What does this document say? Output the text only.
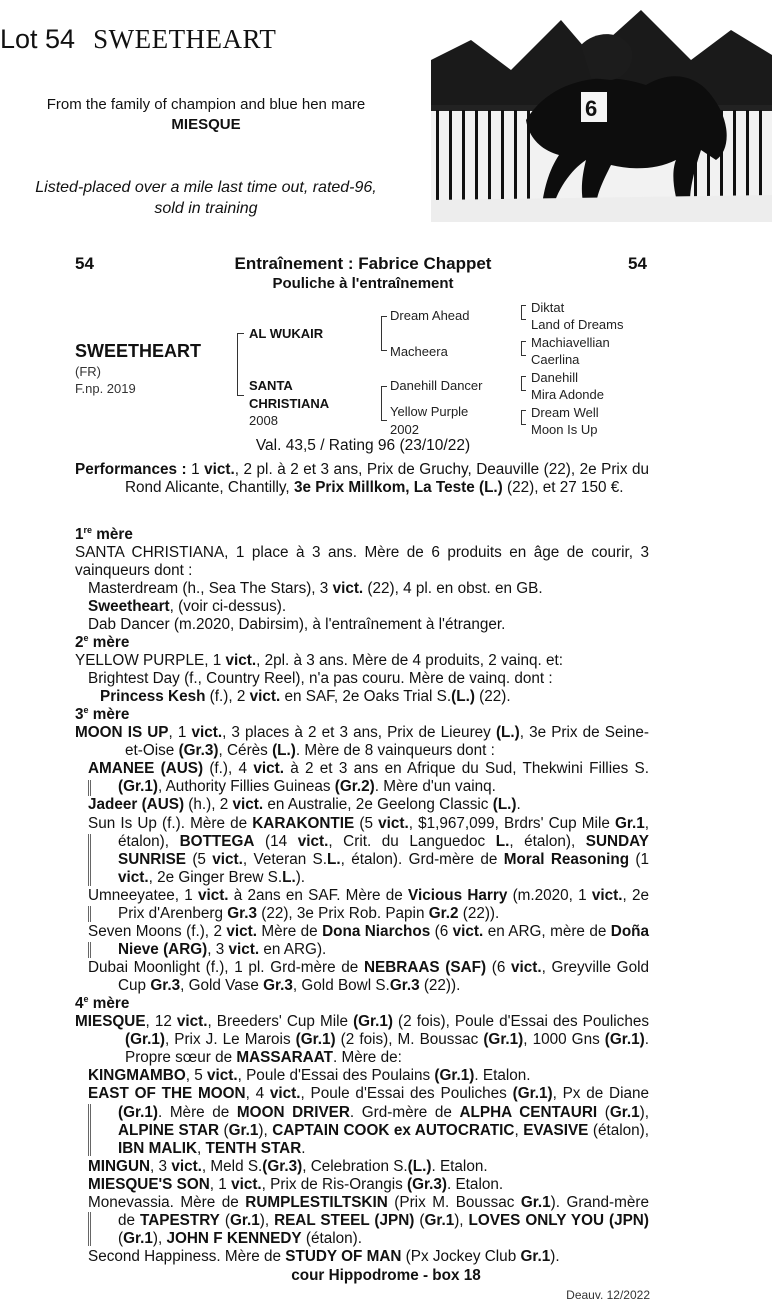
Lot 54 SWEETHEART
From the family of champion and blue hen mare
MIESQUE
Listed-placed over a mile last time out, rated-96,
sold in training
6
54	Entraînement : Fabrice Chappet	54
Pouliche à l'entraînement
SWEETHEART
(FR)
F.np. 2019
AL WUKAIR
SANTA
CHRISTIANA
2008
Dream Ahead
Macheera
Danehill Dancer
Yellow Purple
2002
Diktat
Land of Dreams
Machiavellian
Caerlina
Danehill
Mira Adonde
Dream Well
Moon Is Up
Val. 43,5 / Rating 96 (23/10/22)

Performances : 1 vict., 2 pl. à 2 et 3 ans, Prix de Gruchy, Deauville (22), 2e Prix du Rond Alicante, Chantilly, 3e Prix Millkom, La Teste (L.) (22), et 27 150 €.

1re mère

SANTA CHRISTIANA, 1 place à 3 ans. Mère de 6 produits en âge de courir, 3 vainqueurs dont :

Masterdream (h., Sea The Stars), 3 vict. (22), 4 pl. en obst. en GB.

Sweetheart, (voir ci-dessus).

Dab Dancer (m.2020, Dabirsim), à l'entraînement à l'étranger.

2e mère

YELLOW PURPLE, 1 vict., 2pl. à 3 ans. Mère de 4 produits, 2 vainq. et:

Brightest Day (f., Country Reel), n'a pas couru. Mère de vainq. dont :

Princess Kesh (f.), 2 vict. en SAF, 2e Oaks Trial S.(L.) (22).

3e mère

MOON IS UP, 1 vict., 3 places à 2 et 3 ans, Prix de Lieurey (L.), 3e Prix de Seine-et-Oise (Gr.3), Cérès (L.). Mère de 8 vainqueurs dont :

AMANEE (AUS) (f.), 4 vict. à 2 et 3 ans en Afrique du Sud, Thekwini Fillies S.(Gr.1), Authority Fillies Guineas (Gr.2). Mère d'un vainq.

Jadeer (AUS) (h.), 2 vict. en Australie, 2e Geelong Classic (L.).

Sun Is Up (f.). Mère de KARAKONTIE (5 vict., $1,967,099, Brdrs' Cup Mile Gr.1, étalon), BOTTEGA (14 vict., Crit. du Languedoc L., étalon), SUNDAY SUNRISE (5 vict., Veteran S.L., étalon). Grd-mère de Moral Reasoning (1 vict., 2e Ginger Brew S.L.).

Umneeyatee, 1 vict. à 2ans en SAF. Mère de Vicious Harry (m.2020, 1 vict., 2e Prix d'Arenberg Gr.3 (22), 3e Prix Rob. Papin Gr.2 (22)).

Seven Moons (f.), 2 vict. Mère de Dona Niarchos (6 vict. en ARG, mère de Doña Nieve (ARG), 3 vict. en ARG).

Dubai Moonlight (f.), 1 pl. Grd-mère de NEBRAAS (SAF) (6 vict., Greyville Gold Cup Gr.3, Gold Vase Gr.3, Gold Bowl S.Gr.3 (22)).

4e mère

MIESQUE, 12 vict., Breeders' Cup Mile (Gr.1) (2 fois), Poule d'Essai des Pouliches (Gr.1), Prix J. Le Marois (Gr.1) (2 fois), M. Boussac (Gr.1), 1000 Gns (Gr.1). Propre sœur de MASSARAAT. Mère de:

KINGMAMBO, 5 vict., Poule d'Essai des Poulains (Gr.1). Etalon.

EAST OF THE MOON, 4 vict., Poule d'Essai des Pouliches (Gr.1), Px de Diane (Gr.1). Mère de MOON DRIVER. Grd-mère de ALPHA CENTAURI (Gr.1), ALPINE STAR (Gr.1), CAPTAIN COOK ex AUTOCRATIC, EVASIVE (étalon), IBN MALIK, TENTH STAR.

MINGUN, 3 vict., Meld S.(Gr.3), Celebration S.(L.). Etalon.

MIESQUE'S SON, 1 vict., Prix de Ris-Orangis (Gr.3). Etalon.

Monevassia. Mère de RUMPLESTILTSKIN (Prix M. Boussac Gr.1). Grand-mère de TAPESTRY (Gr.1), REAL STEEL (JPN) (Gr.1), LOVES ONLY YOU (JPN) (Gr.1), JOHN F KENNEDY (étalon).

Second Happiness. Mère de STUDY OF MAN (Px Jockey Club Gr.1).

cour Hippodrome - box 18
Deauv. 12/2022
